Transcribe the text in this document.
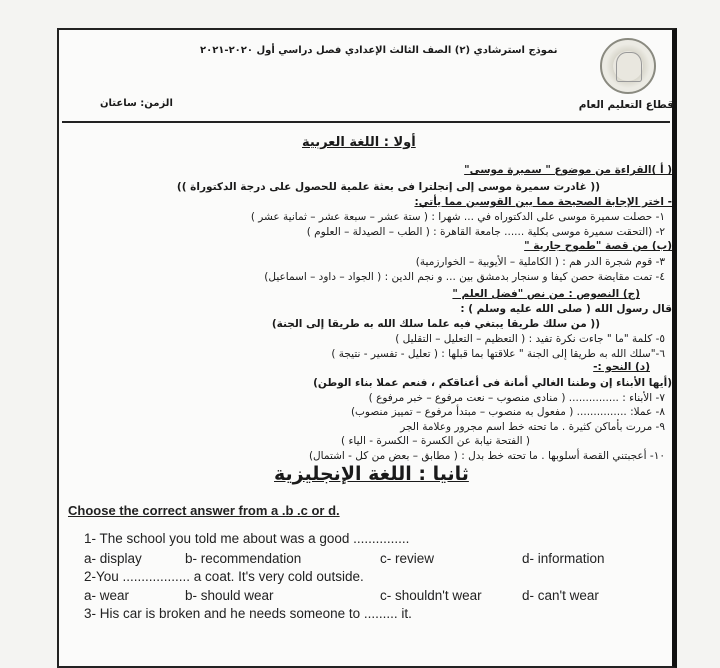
نموذج استرشادي (٢) الصف الثالث الإعدادي فصل دراسي أول ٢٠٢٠-٢٠٢١
قطاع التعليم العام
الزمن: ساعتان
أولا : اللغة العربية
( أ )القراءة من موضوع " سميرة موسى"
(( غادرت سميرة موسى إلى إنجلترا فى بعثة علمية للحصول على درجة الدكتوراة ))
- اختر الإجابة الصحيحة مما بين القوسين مما يأتي:
١- حصلت سميرة موسى على الدكتوراه في ... شهرا : ( ستة عشر – سبعة عشر – ثمانية عشر )
٢- (التحقت سميرة موسى بكلية ...... جامعة القاهرة : ( الطب – الصيدلة – العلوم )
(ب) من قصة "طموح جارية "
٣- قوم شجرة الدر هم : ( الكاملية – الأيوبية – الخوارزمية)
٤- تمت مقايضة حصن كيفا و سنجار بدمشق بين ... و نجم الدين : ( الجواد – داود – اسماعيل)
(ج) النصوص : من نص "فضل العلم "
قال رسول الله ( صلى الله عليه وسلم ) :
(( من سلك طريقا يبتغي فيه علما سلك الله به طريقا إلى الجنة)
٥- كلمة "ما " جاءت نكرة تفيد : ( التعظيم – التعليل – التقليل )
٦-"سلك الله به طريقا إلى الجنة " علاقتها بما قبلها : ( تعليل - تفسير - نتيجة )
(د) النحو :-
(أيها الأبناء إن وطننا الغالي أمانة فى أعناقكم ، فنعم عملا بناء الوطن)
٧- الأبناء : ............... ( منادى منصوب – نعت مرفوع – خبر مرفوع )
٨- عملا: ............... ( مفعول به منصوب – مبتدأ مرفوع – تمييز منصوب)
٩- مررت بأماكن كثيرة . ما تحته خط اسم مجرور وعلامة الجر
( الفتحة نيابة عن الكسرة – الكسرة - الياء )
١٠- أعجبتني القصة أسلوبها . ما تحته خط بدل : ( مطابق – بعض من كل - اشتمال)
ثانيا : اللغة الإنجليزية
Choose the correct answer from a .b .c or d.
1- The school you told me about was a good ...............
a- display	b- recommendation	c- review	d- information
2-You .................. a coat. It's very cold outside.
a- wear	b- should wear	c- shouldn't wear	d- can't wear
3- His car is broken and he needs someone to ......... it.
